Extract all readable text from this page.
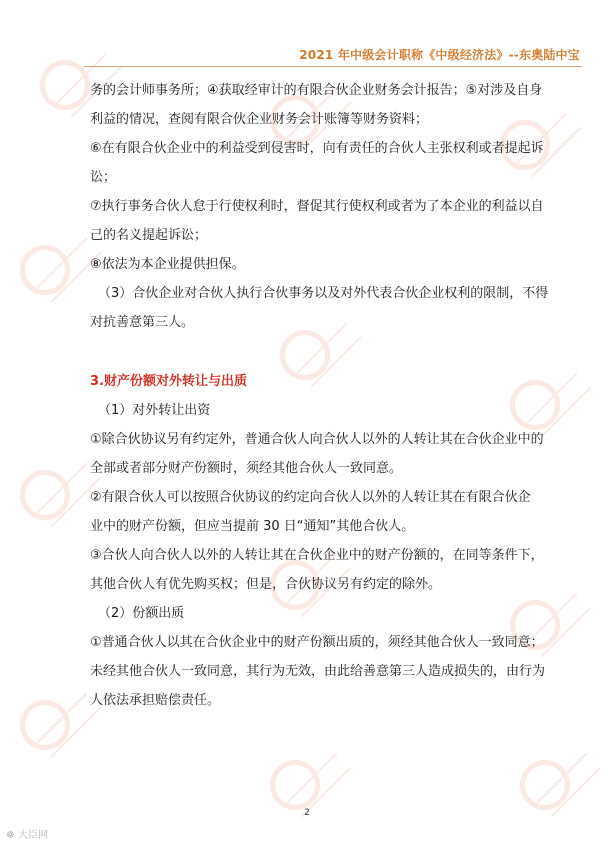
2021 年中级会计职称《中级经济法》--东奥陆中宝
务的会计师事务所；④获取经审计的有限合伙企业财务会计报告；⑤对涉及自身
利益的情况，查阅有限合伙企业财务会计账簿等财务资料；
⑥在有限合伙企业中的利益受到侵害时，向有责任的合伙人主张权利或者提起诉
讼；
⑦执行事务合伙人怠于行使权利时，督促其行使权利或者为了本企业的利益以自
己的名义提起诉讼；
⑧依法为本企业提供担保。
（3）合伙企业对合伙人执行合伙事务以及对外代表合伙企业权利的限制，不得
对抗善意第三人。
3.财产份额对外转让与出质
（1）对外转让出资
①除合伙协议另有约定外，普通合伙人向合伙人以外的人转让其在合伙企业中的
全部或者部分财产份额时，须经其他合伙人一致同意。
②有限合伙人可以按照合伙协议的约定向合伙人以外的人转让其在有限合伙企
业中的财产份额，但应当提前 30 日“通知”其他合伙人。
③合伙人向合伙人以外的人转让其在合伙企业中的财产份额的，在同等条件下，
其他合伙人有优先购买权；但是，合伙协议另有约定的除外。
（2）份额出质
①普通合伙人以其在合伙企业中的财产份额出质的，须经其他合伙人一致同意；
未经其他合伙人一致同意，其行为无效，由此给善意第三人造成损失的，由行为
人依法承担赔偿责任。
2
☸ 大臣网
